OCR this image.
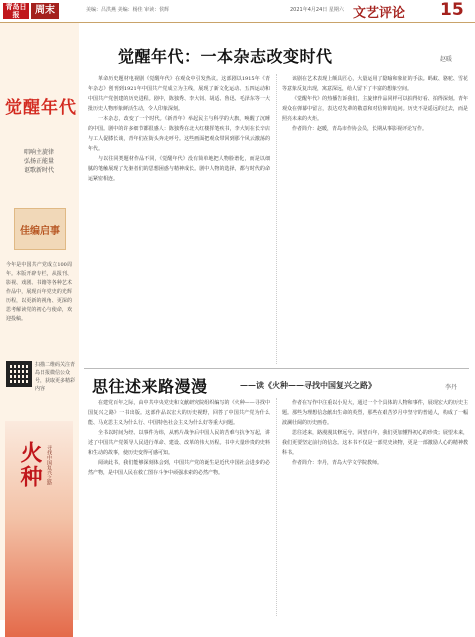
青岛日报	周末	美编：吕洪燕 美编：杨佳 审读：侯辉	2021年4月24日 星期六 文艺评论 15
觉醒年代
唱响主旋律
弘扬正能量
讴歌新时代
佳编启事
今年是中国共产党成立100周年。本版开辟专栏，从报刊、影视、戏剧、书籍等各种艺术作品中，展现百年党史的光辉历程，以更新的视角、更深的思考解读党的初心与使命，欢迎投稿。
扫描二维码关注青岛日报微信公众号，获取更多精彩内容
火种 寻找中国复兴之路
觉醒年代：一本杂志改变时代	赵暖

革命历史题材电视剧《觉醒年代》在观众中引发热议。这部剧以1915年《青年杂志》创刊到1921年中国共产党成立为主线，展现了新文化运动、五四运动和中国共产党创建的历史进程。剧中，陈独秀、李大钊、胡适、鲁迅、毛泽东等一大批历史人物形象鲜活生动，令人印象深刻。

一本杂志，改变了一个时代。《新青年》举起民主与科学的大旗，唤醒了沉睡的中国。剧中的许多细节都很感人：陈独秀在北大红楼挥笔疾书，李大钊在长辛店与工人促膝长谈，青年们在街头奔走呼号。这些画面把观众带回到那个风云激荡的年代。

与以往同类题材作品不同，《觉醒年代》没有简单地把人物脸谱化，而是以细腻的笔触展现了先驱者们的思想困惑与精神成长。剧中人物的选择，都与时代的命运紧密相连。

该剧在艺术表现上颇具匠心，大量运用了隐喻和象征的手法。蚂蚁、骆驼、雪花等意象反复出现，寓意深远，给人留下了丰富的想象空间。

《觉醒年代》的热播告诉我们，主旋律作品同样可以拍得好看、拍得深刻。青年观众在弹幕中留言，表达对先辈的敬意和对信仰的追问。历史不是遥远的过去，而是照亮未来的火炬。

作者简介：赵暖，青岛市作协会员，长期从事影视评论写作。

思往述来路漫漫	——读《火种——寻找中国复兴之路》	李丹

在建党百年之际，由中共中央党史和文献研究院组织编写的《火种——寻找中国复兴之路》一书出版。这部作品以宏大的历史视野，回答了中国共产党为什么能、马克思主义为什么行、中国特色社会主义为什么好等重大问题。

全书以时间为经、以事件为纬，从鸦片战争后中国人民的苦难与抗争写起，讲述了中国共产党领导人民进行革命、建设、改革的伟大历程。书中大量珍贵的史料和生动的故事，使历史变得可感可知。

阅读此书，我们能够深刻体会到，中国共产党的诞生是近代中国社会进步的必然产物，是中国人民在救亡图存斗争中顽强求索的必然产物。

作者在写作中注重以小见大，通过一个个具体的人物和事件，展现宏大的历史主题。那些为理想信念献出生命的英烈，那些在艰苦岁月中坚守的普通人，构成了一幅波澜壮阔的历史画卷。

思往述来，路漫漫其修远兮。回望百年，我们更加懂得初心的珍贵；展望未来，我们更要坚定前行的信念。这本书不仅是一部党史读物，更是一部激励人心的精神教科书。

作者简介：李丹，青岛大学文学院教师。
